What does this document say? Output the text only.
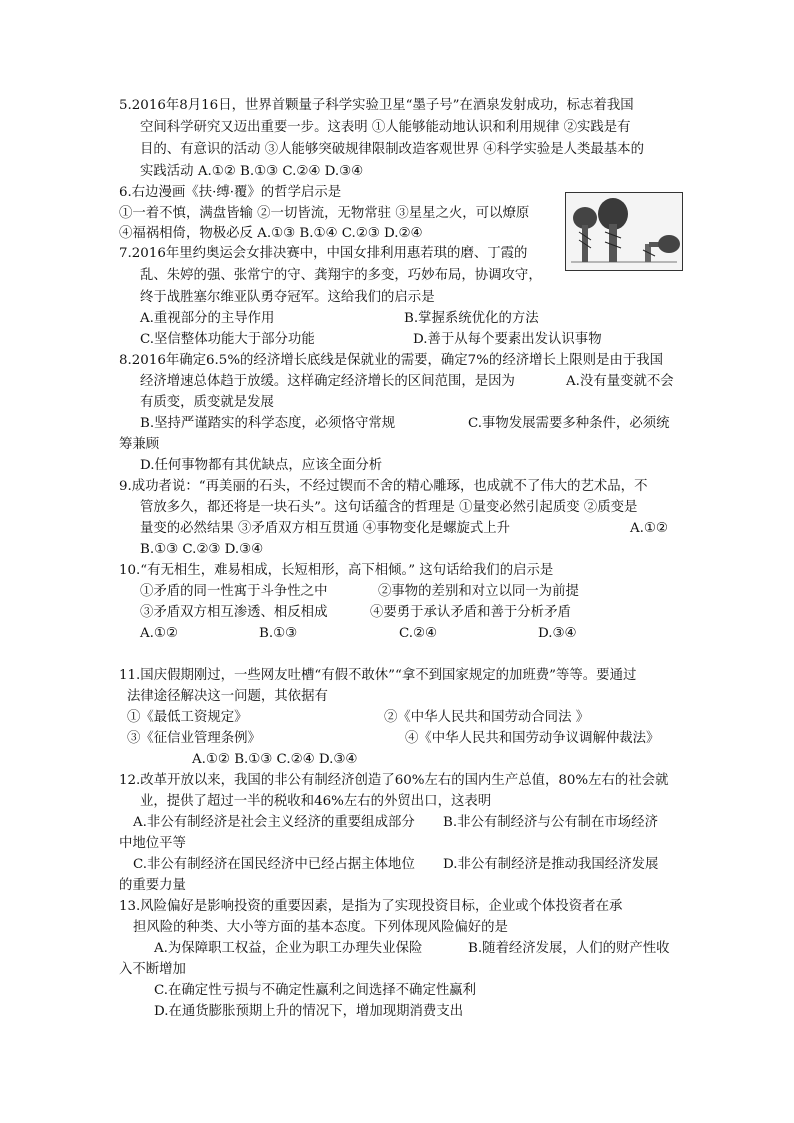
5.2016年8月16日，世界首颗量子科学实验卫星“墨子号”在酒泉发射成功，标志着我国
空间科学研究又迈出重要一步。这表明 ①人能够能动地认识和利用规律 ②实践是有
目的、有意识的活动 ③人能够突破规律限制改造客观世界 ④科学实验是人类最基本的
实践活动 A.①② B.①③ C.②④ D.③④
6.右边漫画《扶·缚·覆》的哲学启示是
①一着不慎，满盘皆输 ②一切皆流，无物常驻 ③星星之火，可以燎原
④福祸相倚，物极必反 A.①③ B.①④ C.②③ D.②④
7.2016年里约奥运会女排决赛中，中国女排利用惠若琪的磨、丁霞的
乱、朱婷的强、张常宁的守、龚翔宇的多变，巧妙布局，协调攻守，
终于战胜塞尔维亚队勇夺冠军。这给我们的启示是
A.重视部分的主导作用	B.掌握系统优化的方法
C.坚信整体功能大于部分功能	D.善于从每个要素出发认识事物
8.2016年确定6.5%的经济增长底线是保就业的需要，确定7%的经济增长上限则是由于我国
经济增速总体趋于放缓。这样确定经济增长的区间范围，是因为	A.没有量变就不会
有质变，质变就是发展
B.坚持严谨踏实的科学态度，必须恪守常规	C.事物发展需要多种条件，必须统
筹兼顾
D.任何事物都有其优缺点，应该全面分析
9.成功者说：“再美丽的石头，不经过锲而不舍的精心雕琢，也成就不了伟大的艺术品，不
管放多久，都还将是一块石头”。这句话蕴含的哲理是 ①量变必然引起质变 ②质变是
量变的必然结果 ③矛盾双方相互贯通 ④事物变化是螺旋式上升	A.①②
B.①③ C.②③ D.③④
10.“有无相生，难易相成，长短相形，高下相倾。” 这句话给我们的启示是
①矛盾的同一性寓于斗争性之中	②事物的差别和对立以同一为前提
③矛盾双方相互渗透、相反相成	④要勇于承认矛盾和善于分析矛盾
A.①②	B.①③	C.②④	D.③④
11.国庆假期刚过，一些网友吐槽“有假不敢休”“拿不到国家规定的加班费”等等。要通过
法律途径解决这一问题，其依据有
①《最低工资规定》	②《中华人民共和国劳动合同法 》
③《征信业管理条例》	④《中华人民共和国劳动争议调解仲裁法》
A.①② B.①③ C.②④ D.③④
12.改革开放以来，我国的非公有制经济创造了60%左右的国内生产总值，80%左右的社会就
业，提供了超过一半的税收和46%左右的外贸出口，这表明
A.非公有制经济是社会主义经济的重要组成部分 B.非公有制经济与公有制在市场经济
中地位平等
C.非公有制经济在国民经济中已经占据主体地位 D.非公有制经济是推动我国经济发展
的重要力量
13.风险偏好是影响投资的重要因素，是指为了实现投资目标，企业或个体投资者在承
担风险的种类、大小等方面的基本态度。下列体现风险偏好的是
A.为保障职工权益，企业为职工办理失业保险	B.随着经济发展，人们的财产性收
入不断增加
C.在确定性亏损与不确定性赢利之间选择不确定性赢利
D.在通货膨胀预期上升的情况下，增加现期消费支出
